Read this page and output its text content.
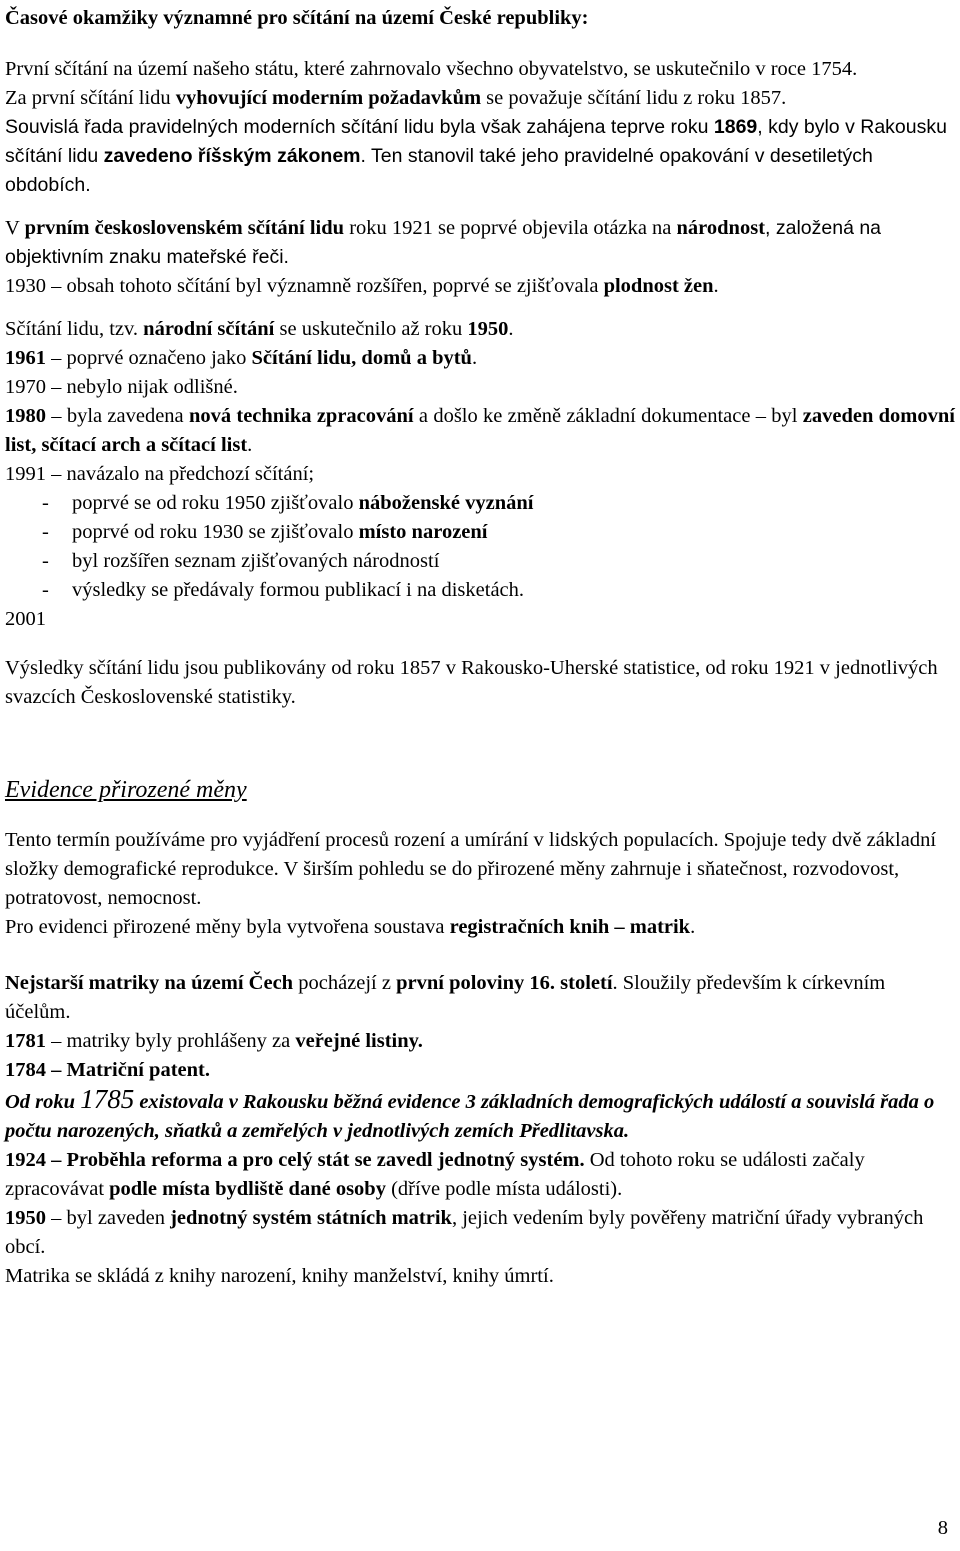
Časové okamžiky významné pro sčítání na území České republiky:

První sčítání na území našeho státu, které zahrnovalo všechno obyvatelstvo, se uskutečnilo v roce 1754.

Za první sčítání lidu vyhovující moderním požadavkům se považuje sčítání lidu z roku 1857.

Souvislá řada pravidelných moderních sčítání lidu byla však zahájena teprve roku 1869, kdy bylo v Rakousku sčítání lidu zavedeno říšským zákonem. Ten stanovil také jeho pravidelné opakování v desetiletých obdobích.

V prvním československém sčítání lidu roku 1921 se poprvé objevila otázka na národnost, založená na objektivním znaku mateřské řeči.

1930 – obsah tohoto sčítání byl významně rozšířen, poprvé se zjišťovala plodnost žen.

Sčítání lidu, tzv. národní sčítání se uskutečnilo až roku 1950.

1961 – poprvé označeno jako Sčítání lidu, domů a bytů.

1970 – nebylo nijak odlišné.

1980 – byla zavedena nová technika zpracování a došlo ke změně základní dokumentace – byl zaveden domovní list, sčítací arch a sčítací list.

1991 – navázalo na předchozí sčítání;

- poprvé se od roku 1950 zjišťovalo náboženské vyznání
- poprvé od roku 1930 se zjišťovalo místo narození
- byl rozšířen seznam zjišťovaných národností
- výsledky se předávaly formou publikací i na disketách.

2001

Výsledky sčítání lidu jsou publikovány od roku 1857 v Rakousko-Uherské statistice, od roku 1921 v jednotlivých svazcích Československé statistiky.

Evidence přirozené měny

Tento termín používáme pro vyjádření procesů rození a umírání v lidských populacích. Spojuje tedy dvě základní složky demografické reprodukce. V širším pohledu se do přirozené měny zahrnuje i sňatečnost, rozvodovost, potratovost, nemocnost.

Pro evidenci přirozené měny byla vytvořena soustava registračních knih – matrik.

Nejstarší matriky na území Čech pocházejí z první poloviny 16. století. Sloužily především k církevním účelům.

1781 – matriky byly prohlášeny za veřejné listiny.

1784 – Matriční patent.

Od roku 1785 existovala v Rakousku běžná evidence 3 základních demografických událostí a souvislá řada o počtu narozených, sňatků a zemřelých v jednotlivých zemích Předlitavska.

1924 – Proběhla reforma a pro celý stát se zavedl jednotný systém. Od tohoto roku se události začaly zpracovávat podle místa bydliště dané osoby (dříve podle místa události).

1950 – byl zaveden jednotný systém státních matrik, jejich vedením byly pověřeny matriční úřady vybraných obcí.

Matrika se skládá z knihy narození, knihy manželství, knihy úmrtí.

8
